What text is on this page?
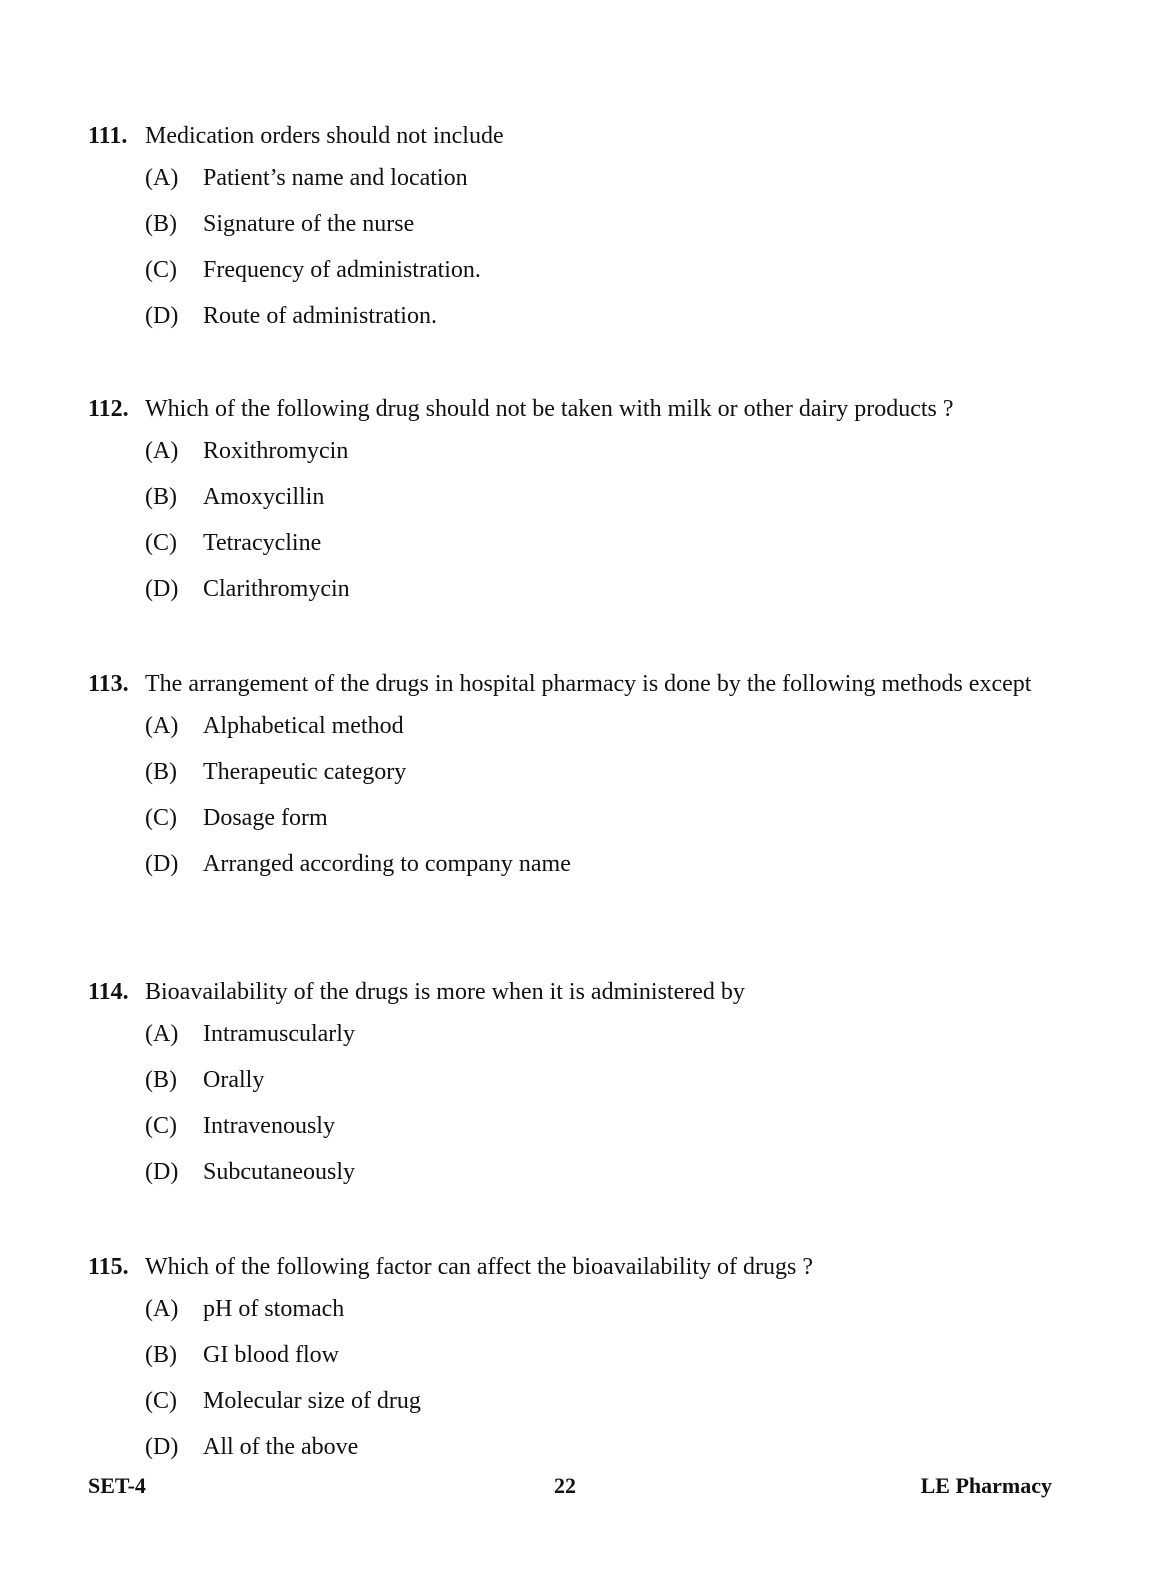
111. Medication orders should not include
(A) Patient’s name and location
(B) Signature of the nurse
(C) Frequency of administration.
(D) Route of administration.
112. Which of the following drug should not be taken with milk or other dairy products ?
(A) Roxithromycin
(B) Amoxycillin
(C) Tetracycline
(D) Clarithromycin
113. The arrangement of the drugs in hospital pharmacy is done by the following methods except
(A) Alphabetical method
(B) Therapeutic category
(C) Dosage form
(D) Arranged according to company name
114. Bioavailability of the drugs is more when it is administered by
(A) Intramuscularly
(B) Orally
(C) Intravenously
(D) Subcutaneously
115. Which of the following factor can affect the bioavailability of drugs ?
(A) pH of stomach
(B) GI blood flow
(C) Molecular size of drug
(D) All of the above
SET-4	22	LE Pharmacy
